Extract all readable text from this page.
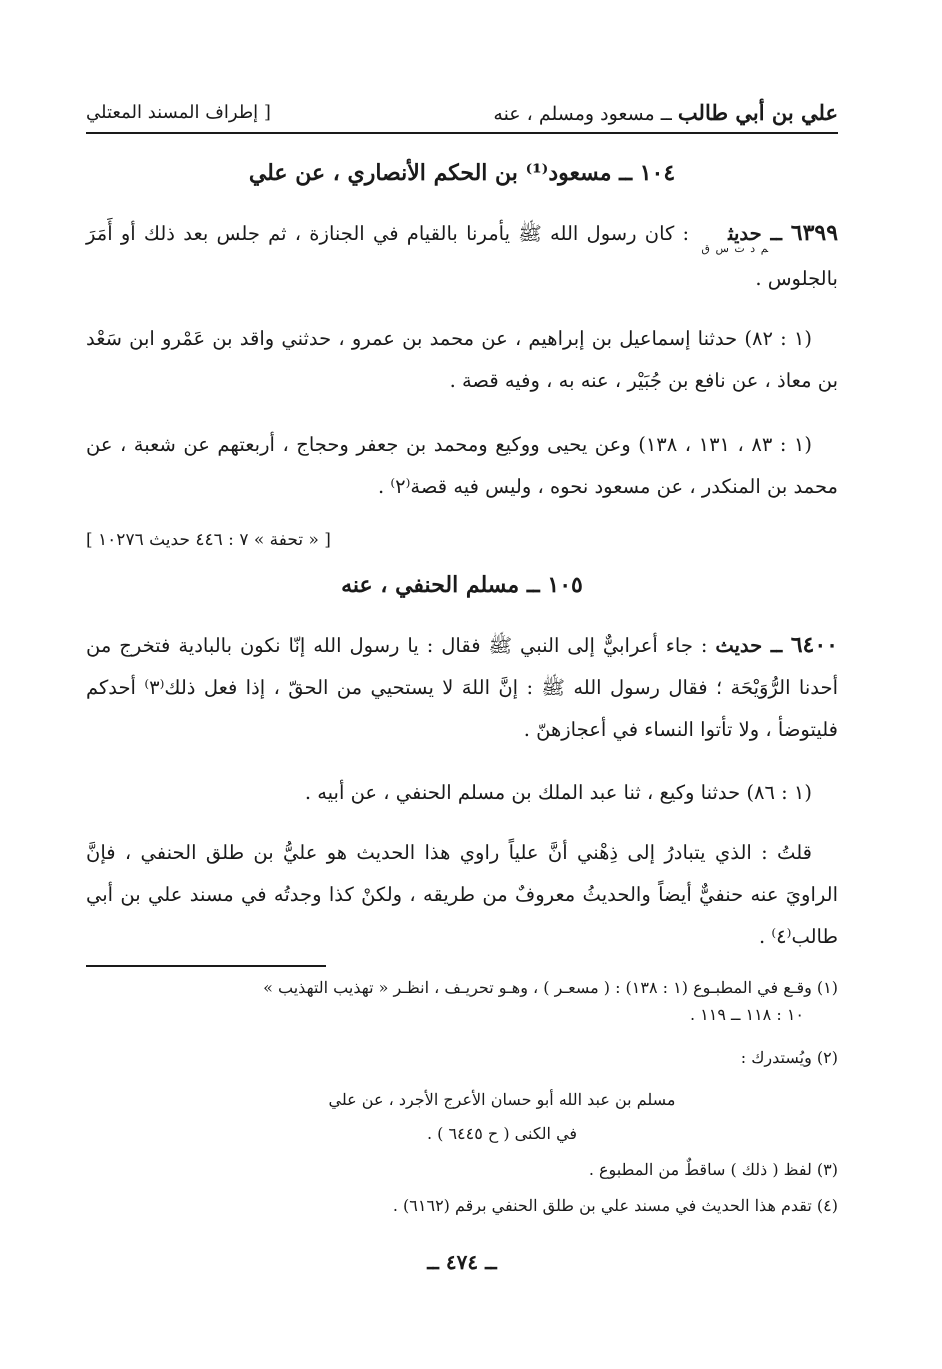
علي بن أبي طالب ــ مسعود ومسلم ، عنه
[ إطراف المسند المعتلي
١٠٤ ــ مسعود⁽¹⁾ بن الحكم الأنصاري ، عن علي
٦٣٩٩ ــ حديث$_{م د ت س ق}$ : كان رسول الله ﷺ يأمرنا بالقيام في الجنازة ، ثم جلس بعد ذلك أو أَمَرَ بالجلوس .
(١ : ٨٢) حدثنا إسماعيل بن إبراهيم ، عن محمد بن عمرو ، حدثني واقد بن عَمْرو ابن سَعْد بن معاذ ، عن نافع بن جُبَيْر ، عنه به ، وفيه قصة .
(١ : ٨٣ ، ١٣١ ، ١٣٨) وعن يحيى ووكيع ومحمد بن جعفر وحجاج ، أربعتهم عن شعبة ، عن محمد بن المنكدر ، عن مسعود نحوه ، وليس فيه قصة⁽٢⁾ .
[ « تحفة » ٧ : ٤٤٦ حديث ١٠٢٧٦ ]
١٠٥ ــ مسلم الحنفي ، عنه
٦٤٠٠ ــ حديث : جاء أعرابيٌّ إلى النبي ﷺ فقال : يا رسول الله إنّا نكون بالبادية فتخرج من أحدنا الرُّوَيْحَة ؛ فقال رسول الله ﷺ : إنَّ اللهَ لا يستحيي من الحقّ ، إذا فعل ذلك⁽٣⁾ أحدكم فليتوضأ ، ولا تأتوا النساء في أعجازهنّ .
(١ : ٨٦) حدثنا وكيع ، ثنا عبد الملك بن مسلم الحنفي ، عن أبيه .
قلتُ : الذي يتبادرُ إلى ذِهْني أنَّ علياً راوي هذا الحديث هو عليُّ بن طلق الحنفي ، فإنَّ الراويَ عنه حنفيٌّ أيضاً والحديثُ معروفٌ من طريقه ، ولكنْ كذا وجدتُه في مسند علي بن أبي طالب⁽٤⁾ .
(١) وقـع في المطبـوع (١ : ١٣٨) : ( مسعـر ) ، وهـو تحريـف ، انظـر « تهذيب التهذيب »
١٠ : ١١٨ ــ ١١٩ .
(٢) ويُستدرك :
مسلم بن عبد الله أبو حسان الأعرج الأجرد ، عن علي
في الكنى ( ح ٦٤٤٥ ) .
(٣) لفظ ( ذلك ) ساقطٌ من المطبوع .
(٤) تقدم هذا الحديث في مسند علي بن طلق الحنفي برقم (٦١٦٢) .
ــ ٤٧٤ ــ
